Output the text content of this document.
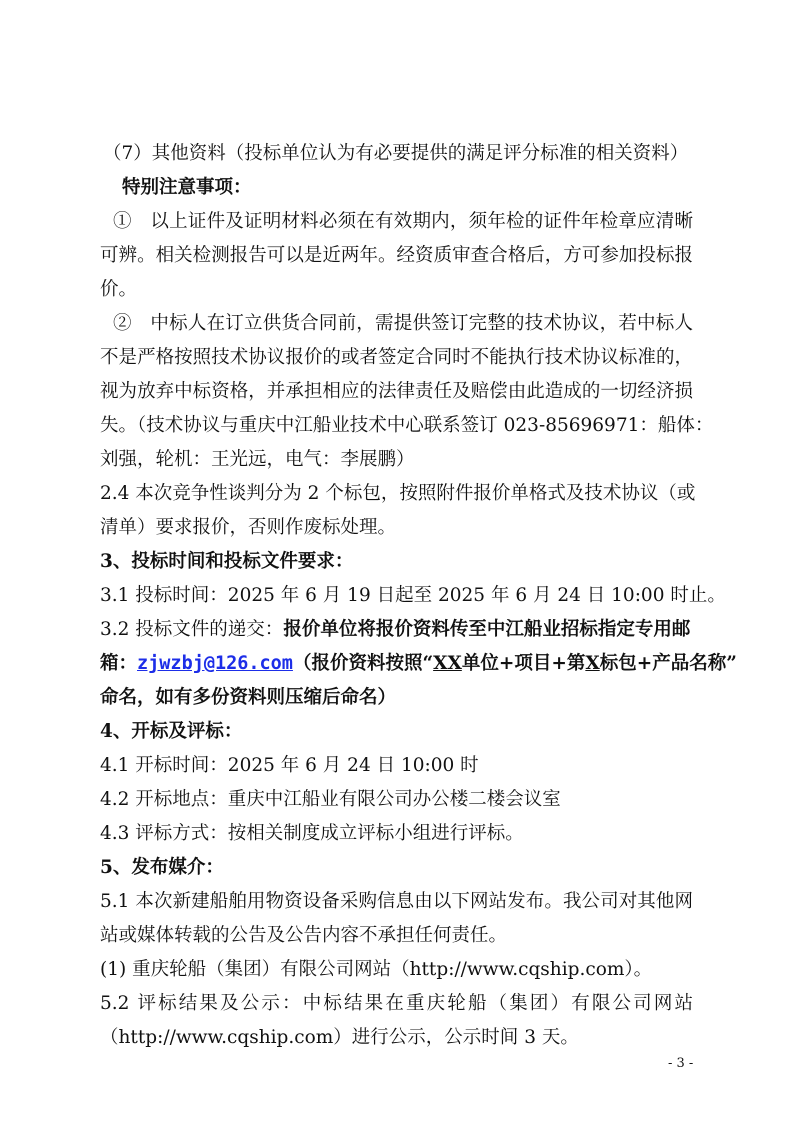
（7）其他资料（投标单位认为有必要提供的满足评分标准的相关资料）
特别注意事项：
①　以上证件及证明材料必须在有效期内，须年检的证件年检章应清晰
可辨。相关检测报告可以是近两年。经资质审查合格后，方可参加投标报
价。
②　中标人在订立供货合同前，需提供签订完整的技术协议，若中标人
不是严格按照技术协议报价的或者签定合同时不能执行技术协议标准的，
视为放弃中标资格，并承担相应的法律责任及赔偿由此造成的一切经济损
失。（技术协议与重庆中江船业技术中心联系签订 023-85696971：船体：
刘强，轮机：王光远，电气：李展鹏）
2.4 本次竞争性谈判分为 2 个标包，按照附件报价单格式及技术协议（或
清单）要求报价，否则作废标处理。
3、投标时间和投标文件要求：
3.1 投标时间：2025 年 6 月 19 日起至 2025 年 6 月 24 日 10:00 时止。
3.2 投标文件的递交：报价单位将报价资料传至中江船业招标指定专用邮
箱：zjwzbj@126.com（报价资料按照“XX单位+项目+第X标包+产品名称”
命名，如有多份资料则压缩后命名）
4、开标及评标：
4.1 开标时间：2025 年 6 月 24 日 10:00 时
4.2 开标地点：重庆中江船业有限公司办公楼二楼会议室
4.3 评标方式：按相关制度成立评标小组进行评标。
5、发布媒介：
5.1 本次新建船舶用物资设备采购信息由以下网站发布。我公司对其他网
站或媒体转载的公告及公告内容不承担任何责任。
(1) 重庆轮船（集团）有限公司网站（http://www.cqship.com）。
5.2 评标结果及公示：中标结果在重庆轮船（集团）有限公司网站
（http://www.cqship.com）进行公示，公示时间 3 天。
- 3 -
